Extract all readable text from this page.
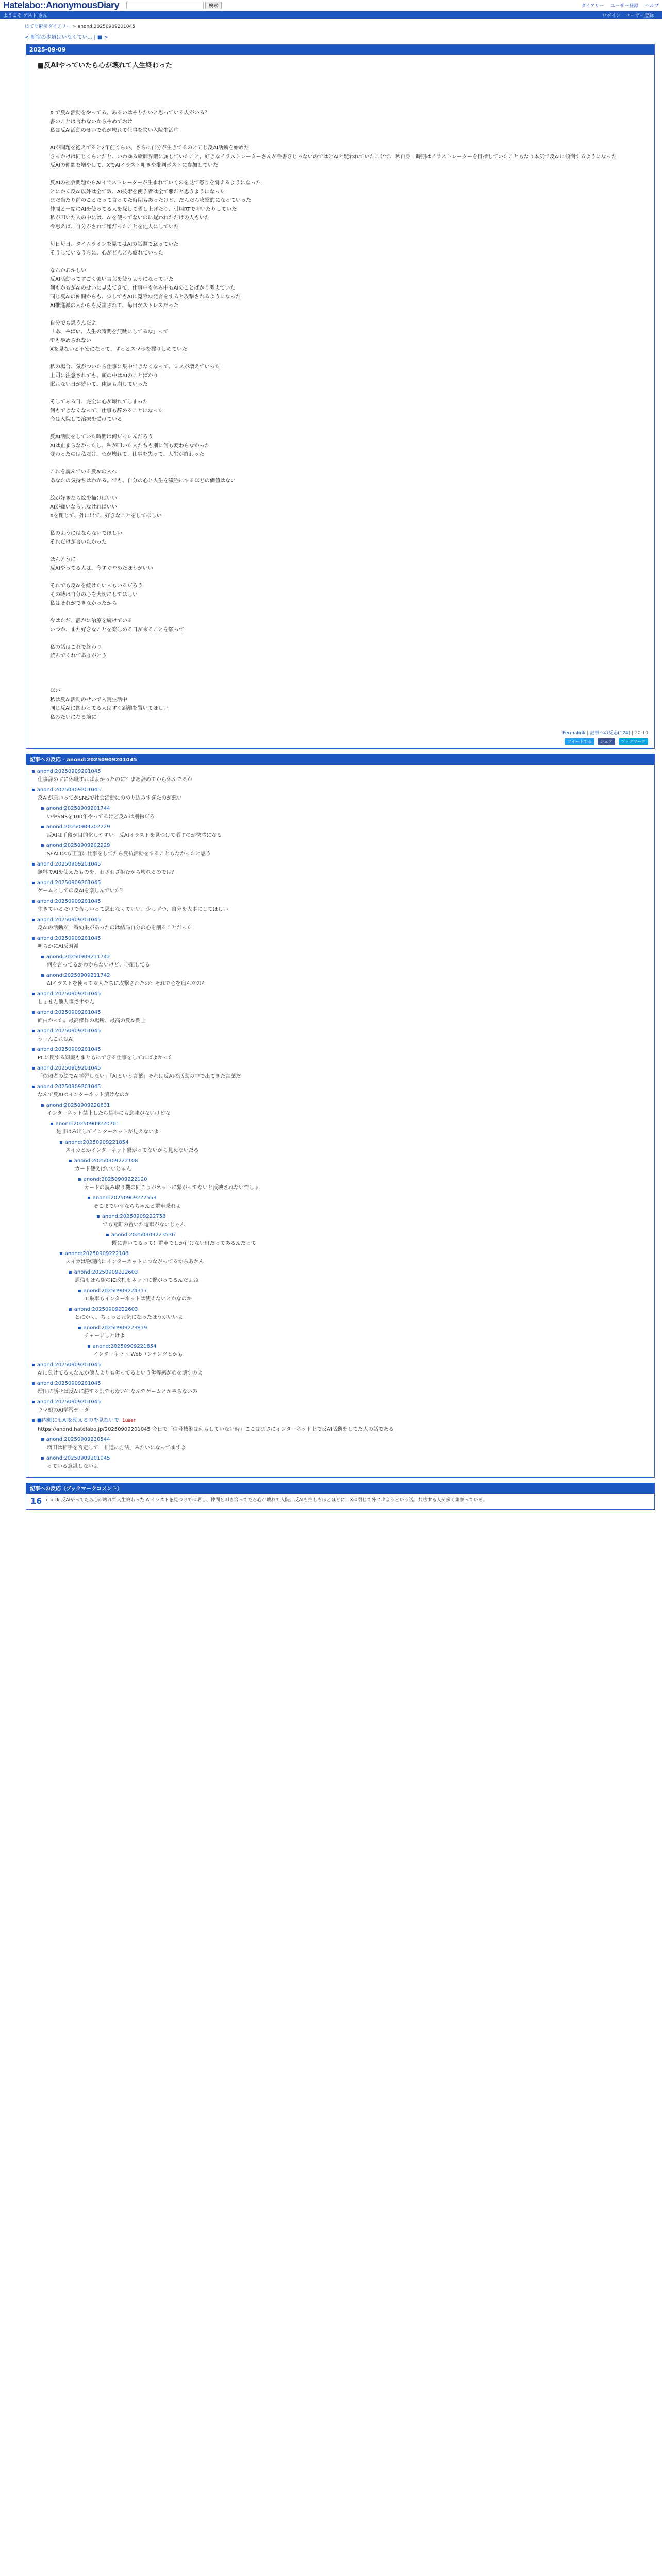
Hatelabo::AnonymousDiary	検索	ダイアリー ユーザー登録 ヘルプ
ようこそ ゲスト さん	ログイン ユーザー登録
はてな匿名ダイアリー > anond:20250909201045
< 新宿の歩道はいなくてい... | ■ >
2025-09-09
■反AIやっていたら心が壊れて人生終わった

X で反AI活動をやってる、あるいはやりたいと思っている人がいる？

書いことは言わないからやめておけ

私は反AI活動のせいで心が壊れて仕事を失い入院生活中

AIが問題を抱えてると2年前くらい、さらに自分が生きてるのと同じ反AI活動を始めた

きっかけは同じくらいだと、いわゆる絵師界隈に属していたこと。好きなイラストレーターさんが手書きじゃないのではとAIと疑われていたことで、私自身一時期はイラストレーターを目指していたこともなり本気で反AIに傾倒するようになった

反AIの仲間を増やして、XでAIイラスト叩きや批判ポストに参加していた

反AIの社会問題からAIイラストレーターが生まれていくのを見て怒りを覚えるようになった

とにかく反AI以外は全て敵、AI技術を使う者は全て悪だと思うようになった

まだ当たり前のことだって言ってた時期もあったけど、だんだん攻撃的になっていった

仲間と一緒にAIを使ってる人を探して晒し上げたり、引用RTで叩いたりしていた

私が叩いた人の中には、AIを使ってないのに疑われただけの人もいた

今思えば、自分がされて嫌だったことを他人にしていた

毎日毎日、タイムラインを見てはAIの話題で怒っていた

そうしているうちに、心がどんどん疲れていった

なんかおかしい

反AI活動ってすごく強い言葉を使うようになっていた

何もかもがAIのせいに見えてきて、仕事中も休み中もAIのことばかり考えていた

同じ反AIの仲間からも、少しでもAIに寛容な発言をすると攻撃されるようになった

AI推進派の人からも反論されて、毎日がストレスだった

自分でも思うんだよ

「あ、やばい、人生の時間を無駄にしてるな」って

でもやめられない

Xを見ないと不安になって、ずっとスマホを握りしめていた

私の場合、気がついたら仕事に集中できなくなって、ミスが増えていった

上司に注意されても、頭の中はAIのことばかり

眠れない日が続いて、体調も崩していった

そしてある日、完全に心が壊れてしまった

何もできなくなって、仕事も辞めることになった

今は入院して治療を受けている

反AI活動をしていた時間は何だったんだろう

AIは止まらなかったし、私が叩いた人たちも別に何も変わらなかった

変わったのは私だけ。心が壊れて、仕事を失って、人生が終わった

これを読んでいる反AIの人へ

あなたの気持ちはわかる。でも、自分の心と人生を犠牲にするほどの価値はない

絵が好きなら絵を描けばいい

AIが嫌いなら見なければいい

Xを閉じて、外に出て、好きなことをしてほしい

私のようにはならないでほしい

それだけが言いたかった

ほんとうに

反AIやってる人は、今すぐやめたほうがいい

それでも反AIを続けたい人もいるだろう

その時は自分の心を大切にしてほしい

私はそれができなかったから

今はただ、静かに治療を続けている

いつか、また好きなことを楽しめる日が来ることを願って

私の話はこれで終わり

読んでくれてありがとう

ほい

私は反AI活動のせいで入院生活中

同じ反AIに関わってる人はすぐ距離を置いてほしい

私みたいになる前に

Permalink | 記事への反応(124) | 20:10
ツイートする シェア ブックマーク
記事への反応 - anond:20250909201045
▪ anond:20250909201045
仕事辞めずに休職すればよかったのに？まあ辞めてから休んでるか
▪ anond:20250909201045
反AIが悪いってかSNSで社会活動にのめり込みすぎたのが悪い
▪ anond:20250909201744
いやSNSを100年やってるけど反AIは別物だろ
▪ anond:20250909202229
反AIは手段が目的化しやすい。反AIイラストを見つけて晒すのが快感になる
▪ anond:20250909202229
SEALDsも正直に仕事をしてたら反抗活動をすることもなかったと思う
▪ anond:20250909201045
無料でAIを使えたものを、わざわざ拒むから壊れるのでは？
▪ anond:20250909201045
ゲームとしての反AIを楽しんでいた？
▪ anond:20250909201045
生きているだけで苦しいって思わなくていい。少しずつ、自分を大事にしてほしい
▪ anond:20250909201045
反AIの活動が一番効果があったのは結局自分の心を削ることだった
▪ anond:20250909201045
明らかにAI反対派
▪ anond:20250909211742
何を言ってるかわからないけど、心配してる
▪ anond:20250909211742
AIイラストを使ってる人たちに攻撃されたの？それで心を病んだの？
▪ anond:20250909201045
しょせん他人事ですやん
▪ anond:20250909201045
面白かった。最高傑作の場所、最高の反AI闘士
▪ anond:20250909201045
うーんこれはAI
▪ anond:20250909201045
PCに関する知識もまともにできる仕事をしてればよかった
▪ anond:20250909201045
「依頼者の絵でAI学習しない」「AIという言葉」それは反AIの活動の中で出てきた言葉だ
▪ anond:20250909201045
なんで反AIはインターネット漬けなのか
▪ anond:20250909220631
インターネット禁止したら是非にも意味がないけどな
▪ anond:20250909220701
是非はみ出してインターネットが見えないよ
▪ anond:20250909221854
スイカとかインターネット繋がってないから見えないだろ
▪ anond:20250909222108
カード使えばいいじゃん
▪ anond:20250909222120
カードの読み取り機の向こうがネットに繋がってないと反映されないでしょ
▪ anond:20250909222553
そこまでいうならちゃんと電車乗れよ
▪ anond:20250909222758
でも元町の置いた電車がないじゃん
▪ anond:20250909223536
既に書いてるって！電車でしか行けない町だってあるんだって
▪ anond:20250909222108
スイカは物理的にインターネットにつながってるからあかん
▪ anond:20250909222603
通信もほら駅のIC改札もネットに繋がってるんだよね
▪ anond:20250909224317
IC乗車もインターネットは使えないとかなのか
▪ anond:20250909222603
とにかく、ちょっと元気になったほうがいいよ
▪ anond:20250909223819
チャージしとけよ
▪ anond:20250909221854
インターネット Webコンテンツとかも
▪ anond:20250909201045
AIに負けてる人なんか他人よりも劣ってるという劣等感が心を壊すのよ
▪ anond:20250909201045
増田に話せば反AIに勝てる訳でもない？なんでゲームとかやらないの
▪ anond:20250909201045
ウマ娘のAI学習データ
▪ ■内側にもAIを使えるのを見ないで 1user
https://anond.hatelabo.jp/20250909201045 今日で「信号技術は何もしていない時」ここはまさにインターネット上で反AI活動をしてた人の話である
▪ anond:20250909230544
増田は相手を否定して「非道に方法」みたいになってますよ
▪ anond:20250909201045
っている意識しないよ
記事への反応（ブックマークコメント）
16 check 反AIやってたら心が壊れて人生終わった AIイラストを見つけては晒し、仲間と叩き合ってたら心が壊れて入院。反AIも推しもほどほどに、Xは閉じて外に出ようという話。共感する人が多く集まっている。
